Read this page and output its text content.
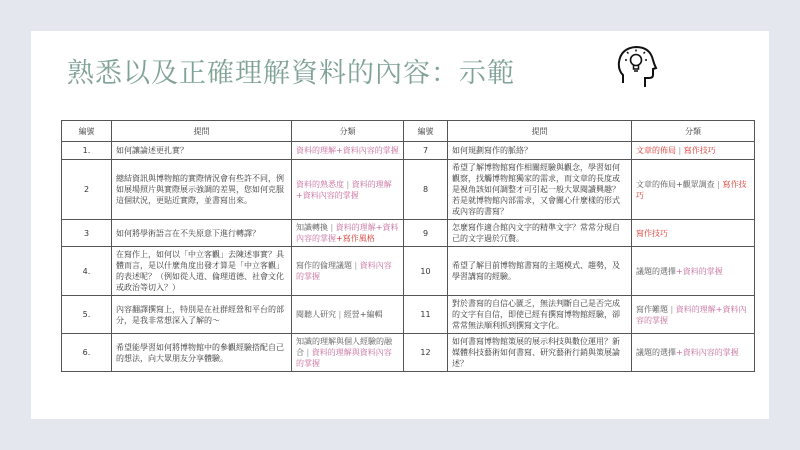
熟悉以及正確理解資料的內容：示範
編號	提問	分類	編號	提問	分類
1.	如何讓論述更扎實？	資料的理解+資料內容的掌握	7	如何規劃寫作的脈絡？	文章的佈局 | 寫作技巧
2	總結資訊與博物館的實際情況會有些許不同，例如展場照片與實際展示強調的差異，您如何克服這個狀況，更貼近實際，並書寫出來。	資料的熟悉度 | 資料的理解+資料內容的掌握	8	希望了解博物館寫作相關經驗與觀念，學習如何觀察，找觸博物館獨家的需求，而文章的長度或是視角該如何調整才可引起一般大眾閱讀興趣？若是就博物館內部需求，又會關心什麼樣的形式或內容的書寫？	文章的佈局+觀眾調查 | 寫作技巧
3	如何將學術語言在不失原意下進行轉譯？	知識轉換 | 資料的理解+資料內容的掌握+寫作風格	9	怎麼寫作適合館內文字的精準文字？常常分現自己的文字過於冗贅。	寫作技巧
4.	在寫作上，如何以「中立客觀」去陳述事實？具體而言，是以什麼角度出發才算是「中立客觀」的表述呢？（例如從人道、倫理道德、社會文化或政治等切入？）	寫作的倫理議題 | 資料內容的掌握	10	希望了解目前博物館書寫的主題模式、趨勢，及學習講寫的經驗。	議題的選擇+資料的掌握
5.	內容翻譯撰寫上，特別是在社群經營和平台的部分，是我非常想深入了解的～	閱聽人研究 | 經營+編輯	11	對於書寫的自信心匱乏，無法判斷自己是否完成的文字有自信，即使已經有撰寫博物館經驗，卻常常無法順利抓到撰寫文字化。	寫作難題 | 資料的理解+資料內容的掌握
6.	希望能學習如何將博物館中的參觀經驗搭配自己的想法，向大眾朋友分享體驗。	知識的理解與個人經驗的融合 | 資料的理解與資料內容的掌握	12	如何書寫博物館策展的展示科技與數位運用？新媒體科技藝術如何書寫、研究藝術行銷與策展論述？	議題的選擇+資料內容的掌握
